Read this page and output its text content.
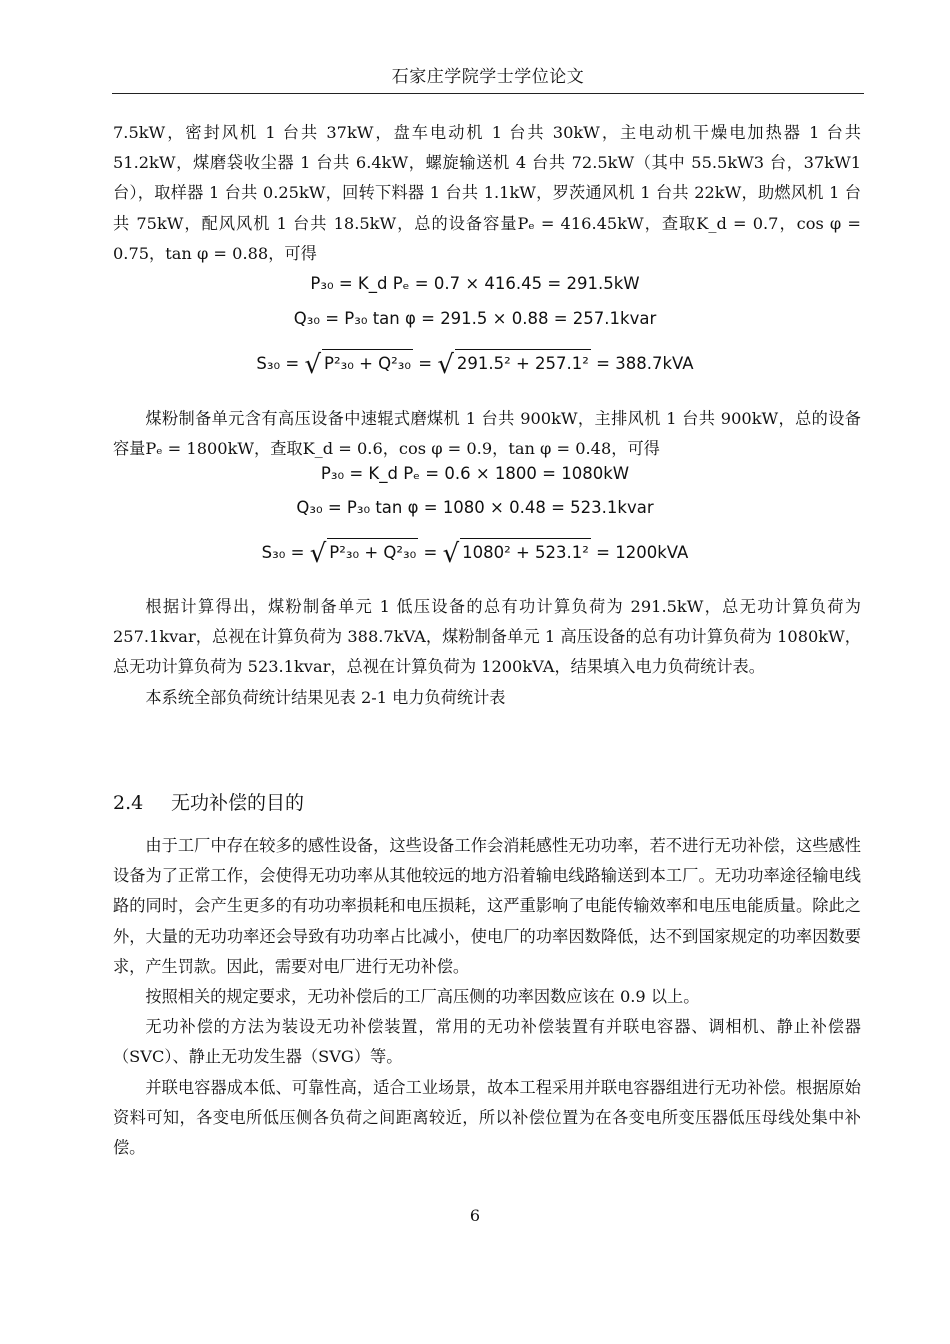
石家庄学院学士学位论文

7.5kW，密封风机 1 台共 37kW，盘车电动机 1 台共 30kW，主电动机干燥电加热器 1 台共 51.2kW，煤磨袋收尘器 1 台共 6.4kW，螺旋输送机 4 台共 72.5kW（其中 55.5kW3 台，37kW1 台），取样器 1 台共 0.25kW，回转下料器 1 台共 1.1kW，罗茨通风机 1 台共 22kW，助燃风机 1 台共 75kW，配风风机 1 台共 18.5kW，总的设备容量Pₑ = 416.45kW，查取K_d = 0.7，cos φ = 0.75，tan φ = 0.88，可得

P₃₀ = K_d Pₑ = 0.7 × 416.45 = 291.5kW
Q₃₀ = P₃₀ tan φ = 291.5 × 0.88 = 257.1kvar
S₃₀ = √ P²₃₀ + Q²₃₀ = √ 291.5² + 257.1² = 388.7kVA

煤粉制备单元含有高压设备中速辊式磨煤机 1 台共 900kW，主排风机 1 台共 900kW，总的设备容量Pₑ = 1800kW，查取K_d = 0.6，cos φ = 0.9，tan φ = 0.48，可得

P₃₀ = K_d Pₑ = 0.6 × 1800 = 1080kW
Q₃₀ = P₃₀ tan φ = 1080 × 0.48 = 523.1kvar
S₃₀ = √ P²₃₀ + Q²₃₀ = √ 1080² + 523.1² = 1200kVA

根据计算得出，煤粉制备单元 1 低压设备的总有功计算负荷为 291.5kW，总无功计算负荷为 257.1kvar，总视在计算负荷为 388.7kVA，煤粉制备单元 1 高压设备的总有功计算负荷为 1080kW，总无功计算负荷为 523.1kvar，总视在计算负荷为 1200kVA，结果填入电力负荷统计表。

本系统全部负荷统计结果见表 2-1 电力负荷统计表

2.4 无功补偿的目的

由于工厂中存在较多的感性设备，这些设备工作会消耗感性无功功率，若不进行无功补偿，这些感性设备为了正常工作，会使得无功功率从其他较远的地方沿着输电线路输送到本工厂。无功功率途径输电线路的同时，会产生更多的有功功率损耗和电压损耗，这严重影响了电能传输效率和电压电能质量。除此之外，大量的无功功率还会导致有功功率占比减小，使电厂的功率因数降低，达不到国家规定的功率因数要求，产生罚款。因此，需要对电厂进行无功补偿。

按照相关的规定要求，无功补偿后的工厂高压侧的功率因数应该在 0.9 以上。

无功补偿的方法为装设无功补偿装置，常用的无功补偿装置有并联电容器、调相机、静止补偿器（SVC）、静止无功发生器（SVG）等。

并联电容器成本低、可靠性高，适合工业场景，故本工程采用并联电容器组进行无功补偿。根据原始资料可知，各变电所低压侧各负荷之间距离较近，所以补偿位置为在各变电所变压器低压母线处集中补偿。

6
